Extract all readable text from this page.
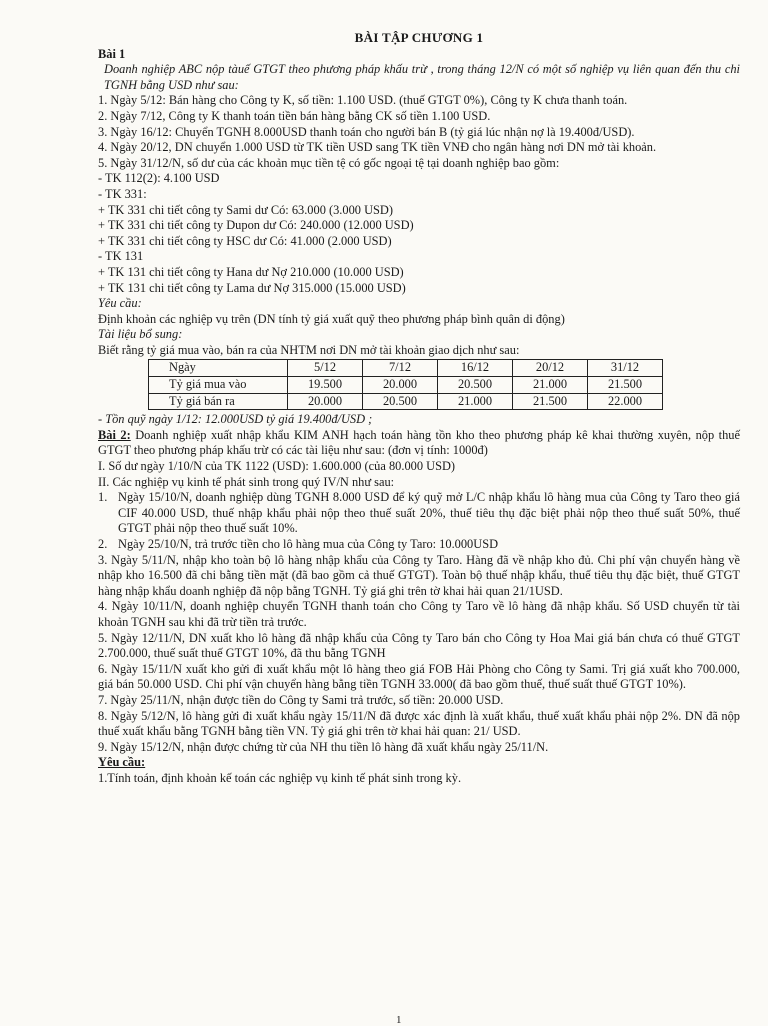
BÀI TẬP CHƯƠNG 1

Bài 1

Doanh nghiệp ABC nộp tàuế GTGT theo phương pháp khấu trừ , trong tháng 12/N có một số nghiệp vụ liên quan đến thu chi TGNH bằng USD như sau:

1. Ngày 5/12: Bán hàng cho Công ty K, số tiền: 1.100 USD. (thuế GTGT 0%), Công ty K chưa thanh toán.

2. Ngày 7/12, Công ty K thanh toán tiền bán hàng bằng CK số tiền 1.100 USD.

3. Ngày 16/12: Chuyển TGNH 8.000USD thanh toán cho người bán B (tỷ giá lúc nhận nợ là 19.400đ/USD).

4. Ngày 20/12, DN chuyển 1.000 USD từ TK tiền USD sang TK tiền VNĐ cho ngân hàng nơi DN mở tài khoản.

5. Ngày 31/12/N, số dư của các khoản mục tiền tệ có gốc ngoại tệ tại doanh nghiệp bao gồm:

- TK 112(2): 4.100 USD

- TK 331:

+ TK 331 chi tiết công ty Sami dư Có: 63.000 (3.000 USD)

+ TK 331 chi tiết công ty Dupon dư Có: 240.000 (12.000 USD)

+ TK 331 chi tiết công ty HSC dư Có: 41.000 (2.000 USD)

- TK 131

+ TK 131 chi tiết công ty Hana dư Nợ 210.000 (10.000 USD)

+ TK 131 chi tiết công ty Lama dư Nợ 315.000 (15.000 USD)

Yêu cầu:

Định khoản các nghiệp vụ trên (DN tính tỷ giá xuất quỹ theo phương pháp bình quân di động)

Tài liệu bổ sung:

Biết rằng tỷ giá mua vào, bán ra của NHTM nơi DN mở tài khoản giao dịch như sau:

Ngày	5/12	7/12	16/12	20/12	31/12
Tỷ giá mua vào	19.500	20.000	20.500	21.000	21.500
Tỷ giá bán ra	20.000	20.500	21.000	21.500	22.000

- Tồn quỹ ngày 1/12: 12.000USD tỷ giá 19.400đ/USD ;

Bài 2: Doanh nghiệp xuất nhập khẩu KIM ANH hạch toán hàng tồn kho theo phương pháp kê khai thường xuyên, nộp thuế GTGT theo phương pháp khấu trừ có các tài liệu như sau: (đơn vị tính: 1000đ)

I. Số dư ngày 1/10/N của TK 1122 (USD): 1.600.000 (của 80.000 USD)

II. Các nghiệp vụ kinh tế phát sinh trong quý IV/N như sau:

1. Ngày 15/10/N, doanh nghiệp dùng TGNH 8.000 USD để ký quỹ mở L/C nhập khẩu lô hàng mua của Công ty Taro theo giá CIF 40.000 USD, thuế nhập khẩu phải nộp theo thuế suất 20%, thuế tiêu thụ đặc biệt phải nộp theo thuế suất 50%, thuế GTGT phải nộp theo thuế suất 10%.

2. Ngày 25/10/N, trả trước tiền cho lô hàng mua của Công ty Taro: 10.000USD

3. Ngày 5/11/N, nhập kho toàn bộ lô hàng nhập khẩu của Công ty Taro. Hàng đã về nhập kho đủ. Chi phí vận chuyển hàng về nhập kho 16.500 đã chi bằng tiền mặt (đã bao gồm cả thuế GTGT). Toàn bộ thuế nhập khẩu, thuế tiêu thụ đặc biệt, thuế GTGT hàng nhập khẩu doanh nghiệp đã nộp bằng TGNH. Tỷ giá ghi trên tờ khai hải quan 21/1USD.

4. Ngày 10/11/N, doanh nghiệp chuyển TGNH thanh toán cho Công ty Taro về lô hàng đã nhập khẩu. Số USD chuyển từ tài khoản TGNH sau khi đã trừ tiền trả trước.

5. Ngày 12/11/N, DN xuất kho lô hàng đã nhập khẩu của Công ty Taro bán cho Công ty Hoa Mai giá bán chưa có thuế GTGT 2.700.000, thuế suất thuế GTGT 10%, đã thu bằng TGNH

6. Ngày 15/11/N xuất kho gửi đi xuất khẩu một lô hàng theo giá FOB Hải Phòng cho Công ty Sami. Trị giá xuất kho 700.000, giá bán 50.000 USD. Chi phí vận chuyển hàng bằng tiền TGNH 33.000( đã bao gồm thuế, thuế suất thuế GTGT 10%).

7. Ngày 25/11/N, nhận được tiền do Công ty Sami trả trước, số tiền: 20.000 USD.

8. Ngày 5/12/N, lô hàng gửi đi xuất khẩu ngày 15/11/N đã được xác định là xuất khẩu, thuế xuất khẩu phải nộp 2%. DN đã nộp thuế xuất khẩu bằng TGNH bằng tiền VN. Tỷ giá ghi trên tờ khai hải quan: 21/ USD.

9. Ngày 15/12/N, nhận được chứng từ của NH thu tiền lô hàng đã xuất khẩu ngày 25/11/N.

Yêu cầu:

1.Tính toán, định khoản kế toán các nghiệp vụ kinh tế phát sinh trong kỳ.

1
